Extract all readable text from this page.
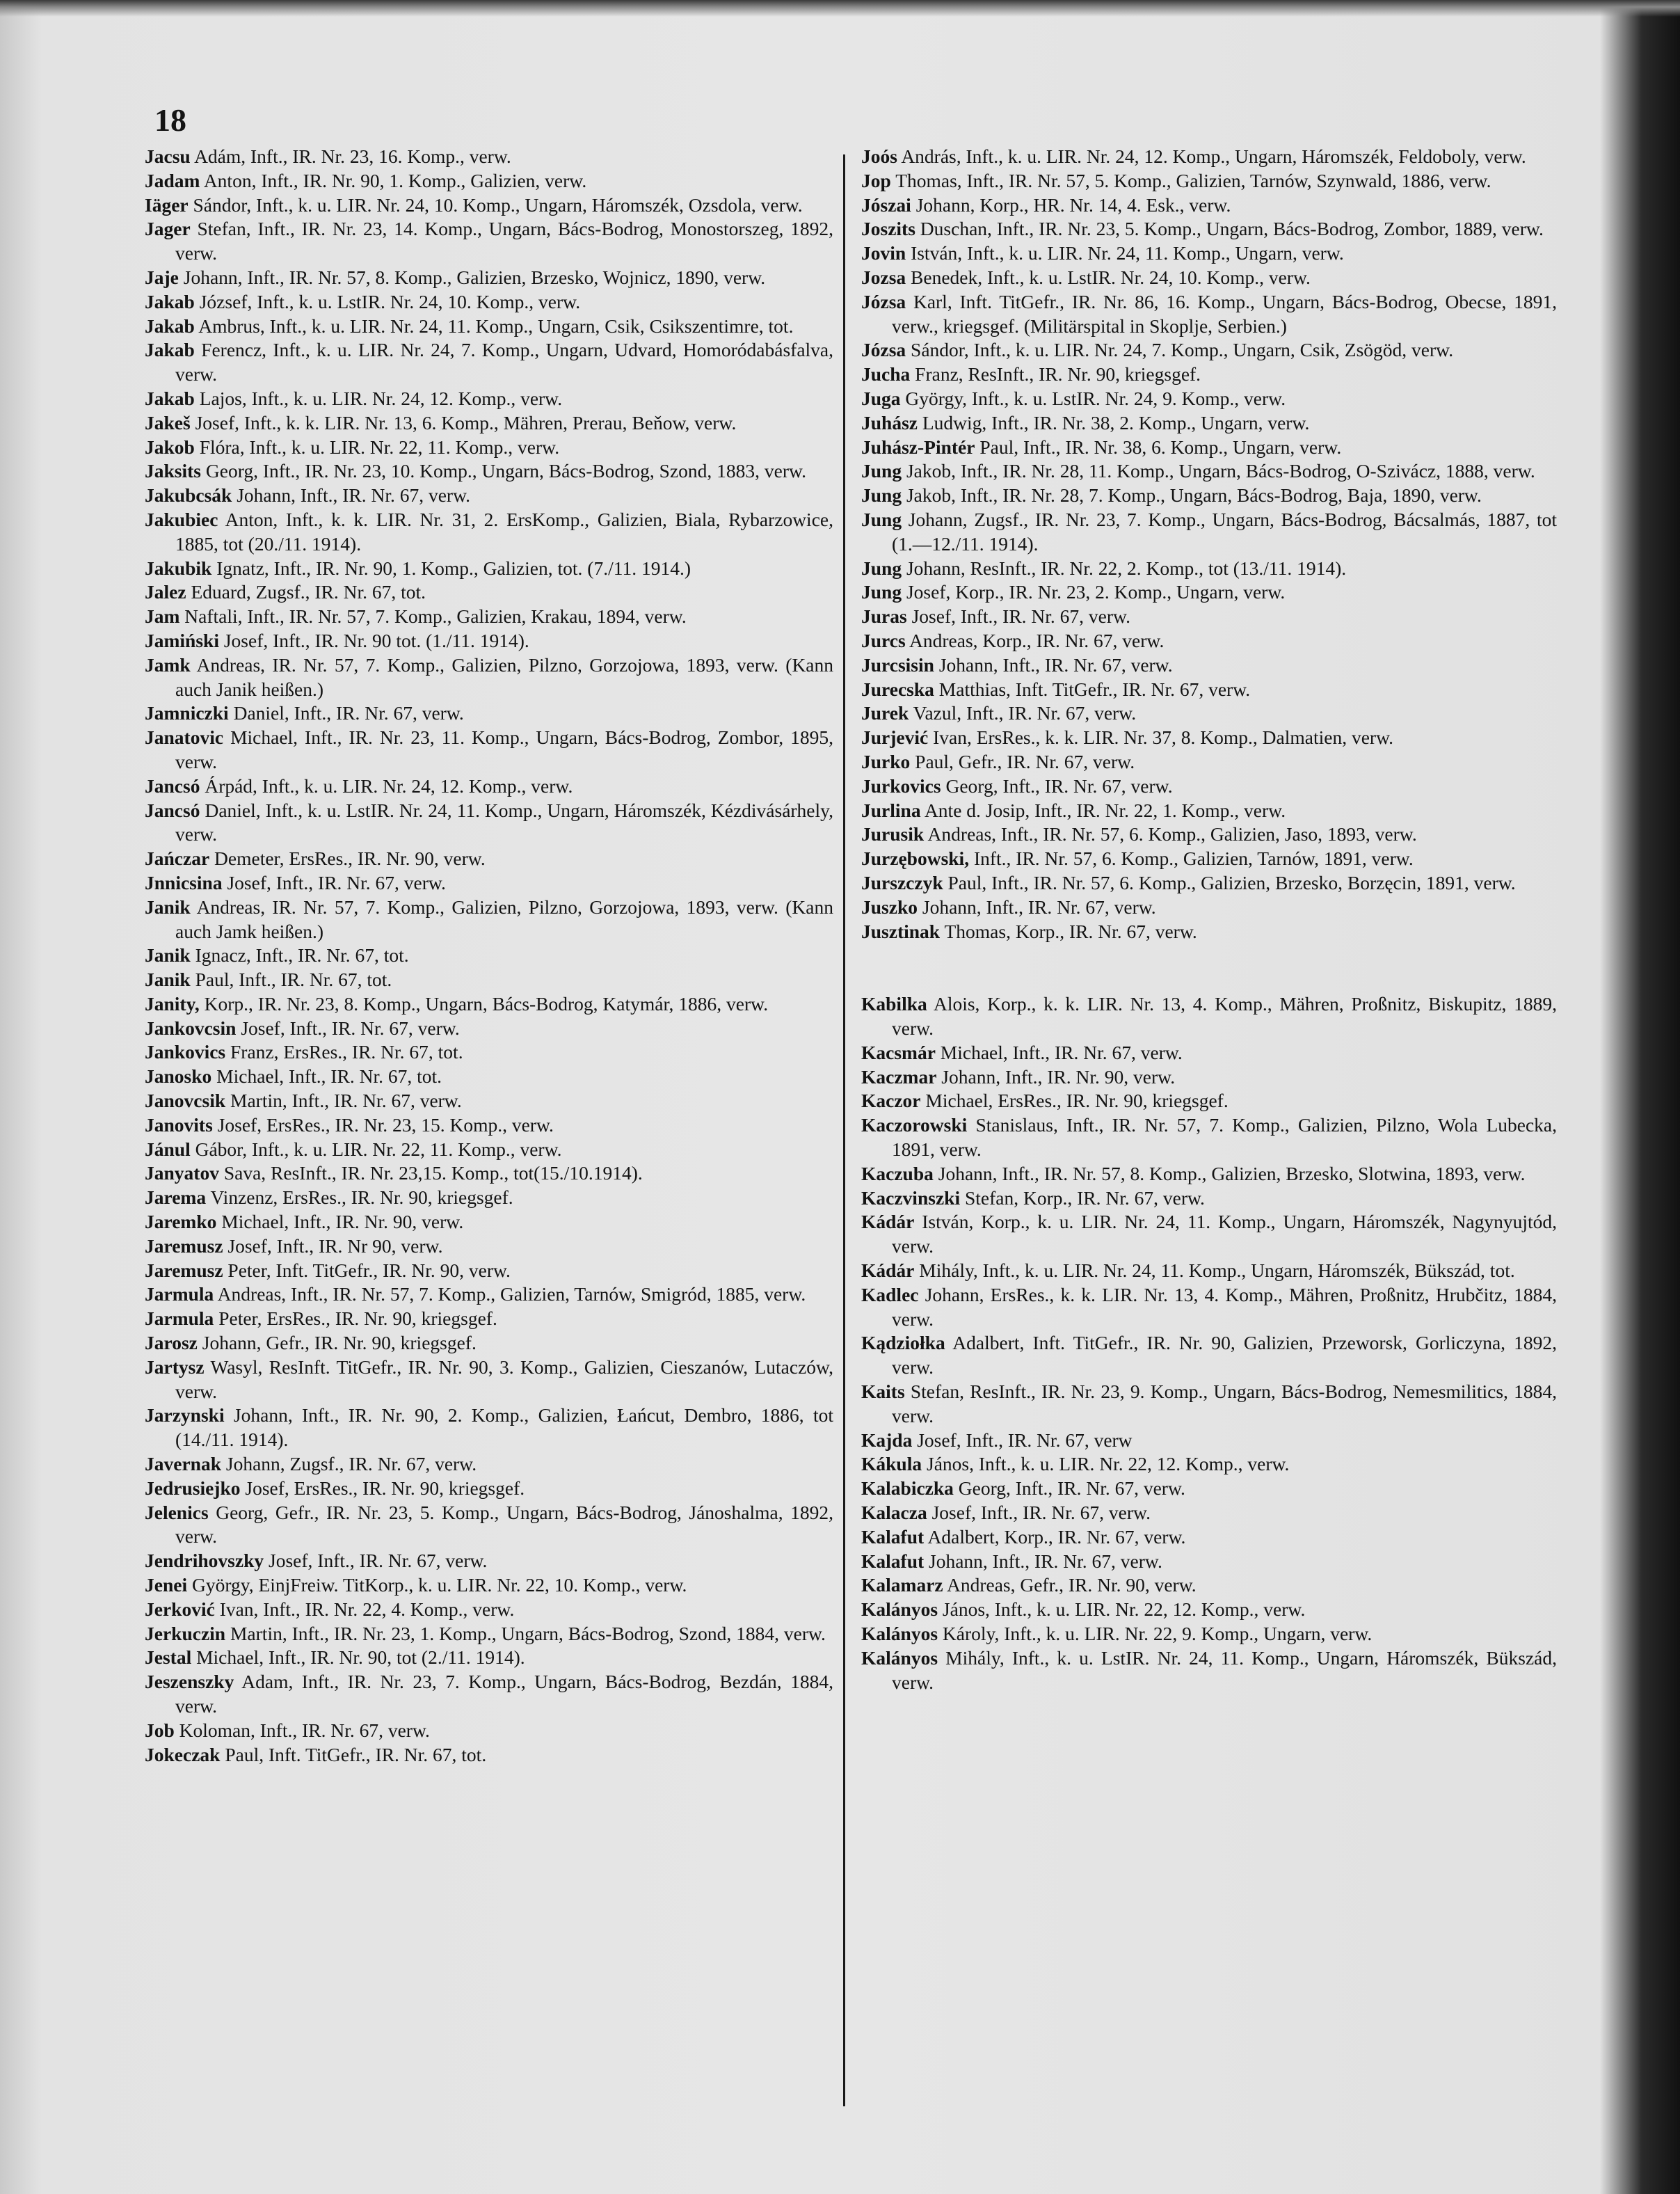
18

Jacsu Adám, Inft., IR. Nr. 23, 16. Komp., verw.

Jadam Anton, Inft., IR. Nr. 90, 1. Komp., Galizien, verw.

Iäger Sándor, Inft., k. u. LIR. Nr. 24, 10. Komp., Ungarn, Háromszék, Ozsdola, verw.

Jager Stefan, Inft., IR. Nr. 23, 14. Komp., Ungarn, Bács-Bodrog, Monostorszeg, 1892, verw.

Jaje Johann, Inft., IR. Nr. 57, 8. Komp., Galizien, Brzesko, Wojnicz, 1890, verw.

Jakab József, Inft., k. u. LstIR. Nr. 24, 10. Komp., verw.

Jakab Ambrus, Inft., k. u. LIR. Nr. 24, 11. Komp., Ungarn, Csik, Csikszentimre, tot.

Jakab Ferencz, Inft., k. u. LIR. Nr. 24, 7. Komp., Ungarn, Udvard, Homoródabásfalva, verw.

Jakab Lajos, Inft., k. u. LIR. Nr. 24, 12. Komp., verw.

Jakeš Josef, Inft., k. k. LIR. Nr. 13, 6. Komp., Mähren, Prerau, Beňow, verw.

Jakob Flóra, Inft., k. u. LIR. Nr. 22, 11. Komp., verw.

Jaksits Georg, Inft., IR. Nr. 23, 10. Komp., Ungarn, Bács-Bodrog, Szond, 1883, verw.

Jakubcsák Johann, Inft., IR. Nr. 67, verw.

Jakubiec Anton, Inft., k. k. LIR. Nr. 31, 2. ErsKomp., Galizien, Biala, Rybarzowice, 1885, tot (20./11. 1914).

Jakubik Ignatz, Inft., IR. Nr. 90, 1. Komp., Galizien, tot. (7./11. 1914.)

Jalez Eduard, Zugsf., IR. Nr. 67, tot.

Jam Naftali, Inft., IR. Nr. 57, 7. Komp., Galizien, Krakau, 1894, verw.

Jamiński Josef, Inft., IR. Nr. 90 tot. (1./11. 1914).

Jamk Andreas, IR. Nr. 57, 7. Komp., Galizien, Pilzno, Gorzojowa, 1893, verw. (Kann auch Janik heißen.)

Jamniczki Daniel, Inft., IR. Nr. 67, verw.

Janatovic Michael, Inft., IR. Nr. 23, 11. Komp., Ungarn, Bács-Bodrog, Zombor, 1895, verw.

Jancsó Árpád, Inft., k. u. LIR. Nr. 24, 12. Komp., verw.

Jancsó Daniel, Inft., k. u. LstIR. Nr. 24, 11. Komp., Ungarn, Háromszék, Kézdivásárhely, verw.

Jańczar Demeter, ErsRes., IR. Nr. 90, verw.

Jnnicsina Josef, Inft., IR. Nr. 67, verw.

Janik Andreas, IR. Nr. 57, 7. Komp., Galizien, Pilzno, Gorzojowa, 1893, verw. (Kann auch Jamk heißen.)

Janik Ignacz, Inft., IR. Nr. 67, tot.

Janik Paul, Inft., IR. Nr. 67, tot.

Janity, Korp., IR. Nr. 23, 8. Komp., Ungarn, Bács-Bodrog, Katymár, 1886, verw.

Jankovcsin Josef, Inft., IR. Nr. 67, verw.

Jankovics Franz, ErsRes., IR. Nr. 67, tot.

Janosko Michael, Inft., IR. Nr. 67, tot.

Janovcsik Martin, Inft., IR. Nr. 67, verw.

Janovits Josef, ErsRes., IR. Nr. 23, 15. Komp., verw.

Jánul Gábor, Inft., k. u. LIR. Nr. 22, 11. Komp., verw.

Janyatov Sava, ResInft., IR. Nr. 23,15. Komp., tot(15./10.1914).

Jarema Vinzenz, ErsRes., IR. Nr. 90, kriegsgef.

Jaremko Michael, Inft., IR. Nr. 90, verw.

Jaremusz Josef, Inft., IR. Nr 90, verw.

Jaremusz Peter, Inft. TitGefr., IR. Nr. 90, verw.

Jarmula Andreas, Inft., IR. Nr. 57, 7. Komp., Galizien, Tarnów, Smigród, 1885, verw.

Jarmula Peter, ErsRes., IR. Nr. 90, kriegsgef.

Jarosz Johann, Gefr., IR. Nr. 90, kriegsgef.

Jartysz Wasyl, ResInft. TitGefr., IR. Nr. 90, 3. Komp., Galizien, Cieszanów, Lutaczów, verw.

Jarzynski Johann, Inft., IR. Nr. 90, 2. Komp., Galizien, Łańcut, Dembro, 1886, tot (14./11. 1914).

Javernak Johann, Zugsf., IR. Nr. 67, verw.

Jedrusiejko Josef, ErsRes., IR. Nr. 90, kriegsgef.

Jelenics Georg, Gefr., IR. Nr. 23, 5. Komp., Ungarn, Bács-Bodrog, Jánoshalma, 1892, verw.

Jendrihovszky Josef, Inft., IR. Nr. 67, verw.

Jenei György, EinjFreiw. TitKorp., k. u. LIR. Nr. 22, 10. Komp., verw.

Jerković Ivan, Inft., IR. Nr. 22, 4. Komp., verw.

Jerkuczin Martin, Inft., IR. Nr. 23, 1. Komp., Ungarn, Bács-Bodrog, Szond, 1884, verw.

Jestal Michael, Inft., IR. Nr. 90, tot (2./11. 1914).

Jeszenszky Adam, Inft., IR. Nr. 23, 7. Komp., Ungarn, Bács-Bodrog, Bezdán, 1884, verw.

Job Koloman, Inft., IR. Nr. 67, verw.

Jokeczak Paul, Inft. TitGefr., IR. Nr. 67, tot.

Joós András, Inft., k. u. LIR. Nr. 24, 12. Komp., Ungarn, Háromszék, Feldoboly, verw.

Jop Thomas, Inft., IR. Nr. 57, 5. Komp., Galizien, Tarnów, Szynwald, 1886, verw.

Jószai Johann, Korp., HR. Nr. 14, 4. Esk., verw.

Joszits Duschan, Inft., IR. Nr. 23, 5. Komp., Ungarn, Bács-Bodrog, Zombor, 1889, verw.

Jovin István, Inft., k. u. LIR. Nr. 24, 11. Komp., Ungarn, verw.

Jozsa Benedek, Inft., k. u. LstIR. Nr. 24, 10. Komp., verw.

Józsa Karl, Inft. TitGefr., IR. Nr. 86, 16. Komp., Ungarn, Bács-Bodrog, Obecse, 1891, verw., kriegsgef. (Militärspital in Skoplje, Serbien.)

Józsa Sándor, Inft., k. u. LIR. Nr. 24, 7. Komp., Ungarn, Csik, Zsögöd, verw.

Jucha Franz, ResInft., IR. Nr. 90, kriegsgef.

Juga György, Inft., k. u. LstIR. Nr. 24, 9. Komp., verw.

Juhász Ludwig, Inft., IR. Nr. 38, 2. Komp., Ungarn, verw.

Juhász-Pintér Paul, Inft., IR. Nr. 38, 6. Komp., Ungarn, verw.

Jung Jakob, Inft., IR. Nr. 28, 11. Komp., Ungarn, Bács-Bodrog, O-Szivácz, 1888, verw.

Jung Jakob, Inft., IR. Nr. 28, 7. Komp., Ungarn, Bács-Bodrog, Baja, 1890, verw.

Jung Johann, Zugsf., IR. Nr. 23, 7. Komp., Ungarn, Bács-Bodrog, Bácsalmás, 1887, tot (1.—12./11. 1914).

Jung Johann, ResInft., IR. Nr. 22, 2. Komp., tot (13./11. 1914).

Jung Josef, Korp., IR. Nr. 23, 2. Komp., Ungarn, verw.

Juras Josef, Inft., IR. Nr. 67, verw.

Jurcs Andreas, Korp., IR. Nr. 67, verw.

Jurcsisin Johann, Inft., IR. Nr. 67, verw.

Jurecska Matthias, Inft. TitGefr., IR. Nr. 67, verw.

Jurek Vazul, Inft., IR. Nr. 67, verw.

Jurjević Ivan, ErsRes., k. k. LIR. Nr. 37, 8. Komp., Dalmatien, verw.

Jurko Paul, Gefr., IR. Nr. 67, verw.

Jurkovics Georg, Inft., IR. Nr. 67, verw.

Jurlina Ante d. Josip, Inft., IR. Nr. 22, 1. Komp., verw.

Jurusik Andreas, Inft., IR. Nr. 57, 6. Komp., Galizien, Jaso, 1893, verw.

Jurzębowski, Inft., IR. Nr. 57, 6. Komp., Galizien, Tarnów, 1891, verw.

Jurszczyk Paul, Inft., IR. Nr. 57, 6. Komp., Galizien, Brzesko, Borzęcin, 1891, verw.

Juszko Johann, Inft., IR. Nr. 67, verw.

Jusztinak Thomas, Korp., IR. Nr. 67, verw.

Kabilka Alois, Korp., k. k. LIR. Nr. 13, 4. Komp., Mähren, Proßnitz, Biskupitz, 1889, verw.

Kacsmár Michael, Inft., IR. Nr. 67, verw.

Kaczmar Johann, Inft., IR. Nr. 90, verw.

Kaczor Michael, ErsRes., IR. Nr. 90, kriegsgef.

Kaczorowski Stanislaus, Inft., IR. Nr. 57, 7. Komp., Galizien, Pilzno, Wola Lubecka, 1891, verw.

Kaczuba Johann, Inft., IR. Nr. 57, 8. Komp., Galizien, Brzesko, Slotwina, 1893, verw.

Kaczvinszki Stefan, Korp., IR. Nr. 67, verw.

Kádár István, Korp., k. u. LIR. Nr. 24, 11. Komp., Ungarn, Háromszék, Nagynyujtód, verw.

Kádár Mihály, Inft., k. u. LIR. Nr. 24, 11. Komp., Ungarn, Háromszék, Bükszád, tot.

Kadlec Johann, ErsRes., k. k. LIR. Nr. 13, 4. Komp., Mähren, Proßnitz, Hrubčitz, 1884, verw.

Kądziołka Adalbert, Inft. TitGefr., IR. Nr. 90, Galizien, Przeworsk, Gorliczyna, 1892, verw.

Kaits Stefan, ResInft., IR. Nr. 23, 9. Komp., Ungarn, Bács-Bodrog, Nemesmilitics, 1884, verw.

Kajda Josef, Inft., IR. Nr. 67, verw

Kákula János, Inft., k. u. LIR. Nr. 22, 12. Komp., verw.

Kalabiczka Georg, Inft., IR. Nr. 67, verw.

Kalacza Josef, Inft., IR. Nr. 67, verw.

Kalafut Adalbert, Korp., IR. Nr. 67, verw.

Kalafut Johann, Inft., IR. Nr. 67, verw.

Kalamarz Andreas, Gefr., IR. Nr. 90, verw.

Kalányos János, Inft., k. u. LIR. Nr. 22, 12. Komp., verw.

Kalányos Károly, Inft., k. u. LIR. Nr. 22, 9. Komp., Ungarn, verw.

Kalányos Mihály, Inft., k. u. LstIR. Nr. 24, 11. Komp., Ungarn, Háromszék, Bükszád, verw.
